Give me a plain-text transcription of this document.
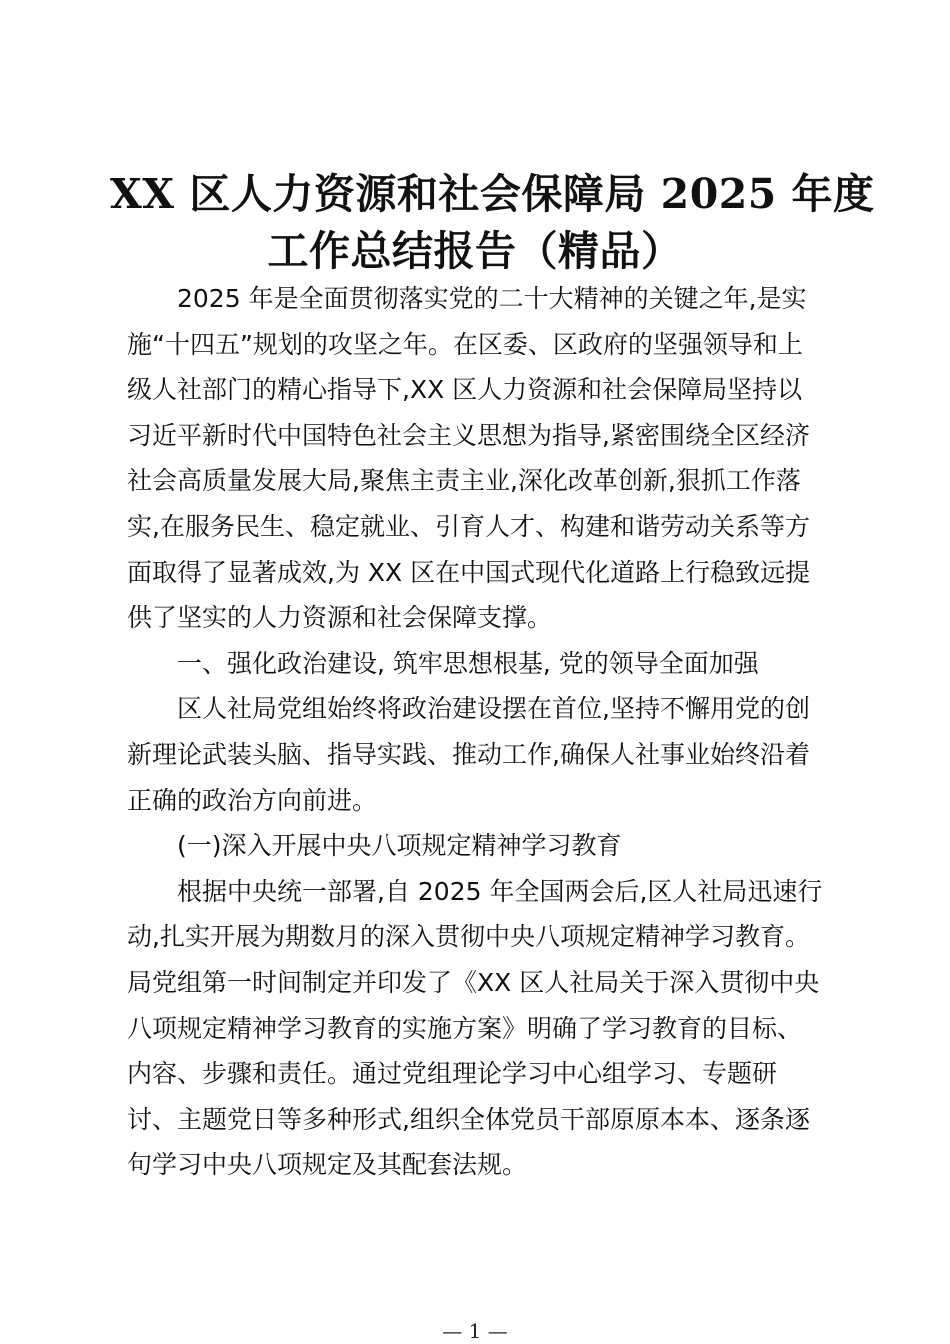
XX 区人力资源和社会保障局 2025 年度
工作总结报告（精品）
2025 年是全面贯彻落实党的二十大精神的关键之年,是实
施“十四五”规划的攻坚之年。在区委、区政府的坚强领导和上
级人社部门的精心指导下,XX 区人力资源和社会保障局坚持以
习近平新时代中国特色社会主义思想为指导,紧密围绕全区经济
社会高质量发展大局,聚焦主责主业,深化改革创新,狠抓工作落
实,在服务民生、稳定就业、引育人才、构建和谐劳动关系等方
面取得了显著成效,为 XX 区在中国式现代化道路上行稳致远提
供了坚实的人力资源和社会保障支撑。
一、强化政治建设, 筑牢思想根基, 党的领导全面加强
区人社局党组始终将政治建设摆在首位,坚持不懈用党的创
新理论武装头脑、指导实践、推动工作,确保人社事业始终沿着
正确的政治方向前进。
(一)深入开展中央八项规定精神学习教育
根据中央统一部署,自 2025 年全国两会后,区人社局迅速行
动,扎实开展为期数月的深入贯彻中央八项规定精神学习教育。
局党组第一时间制定并印发了《XX 区人社局关于深入贯彻中央
八项规定精神学习教育的实施方案》明确了学习教育的目标、
内容、步骤和责任。通过党组理论学习中心组学习、专题研
讨、主题党日等多种形式,组织全体党员干部原原本本、逐条逐
句学习中央八项规定及其配套法规。
— 1 —
